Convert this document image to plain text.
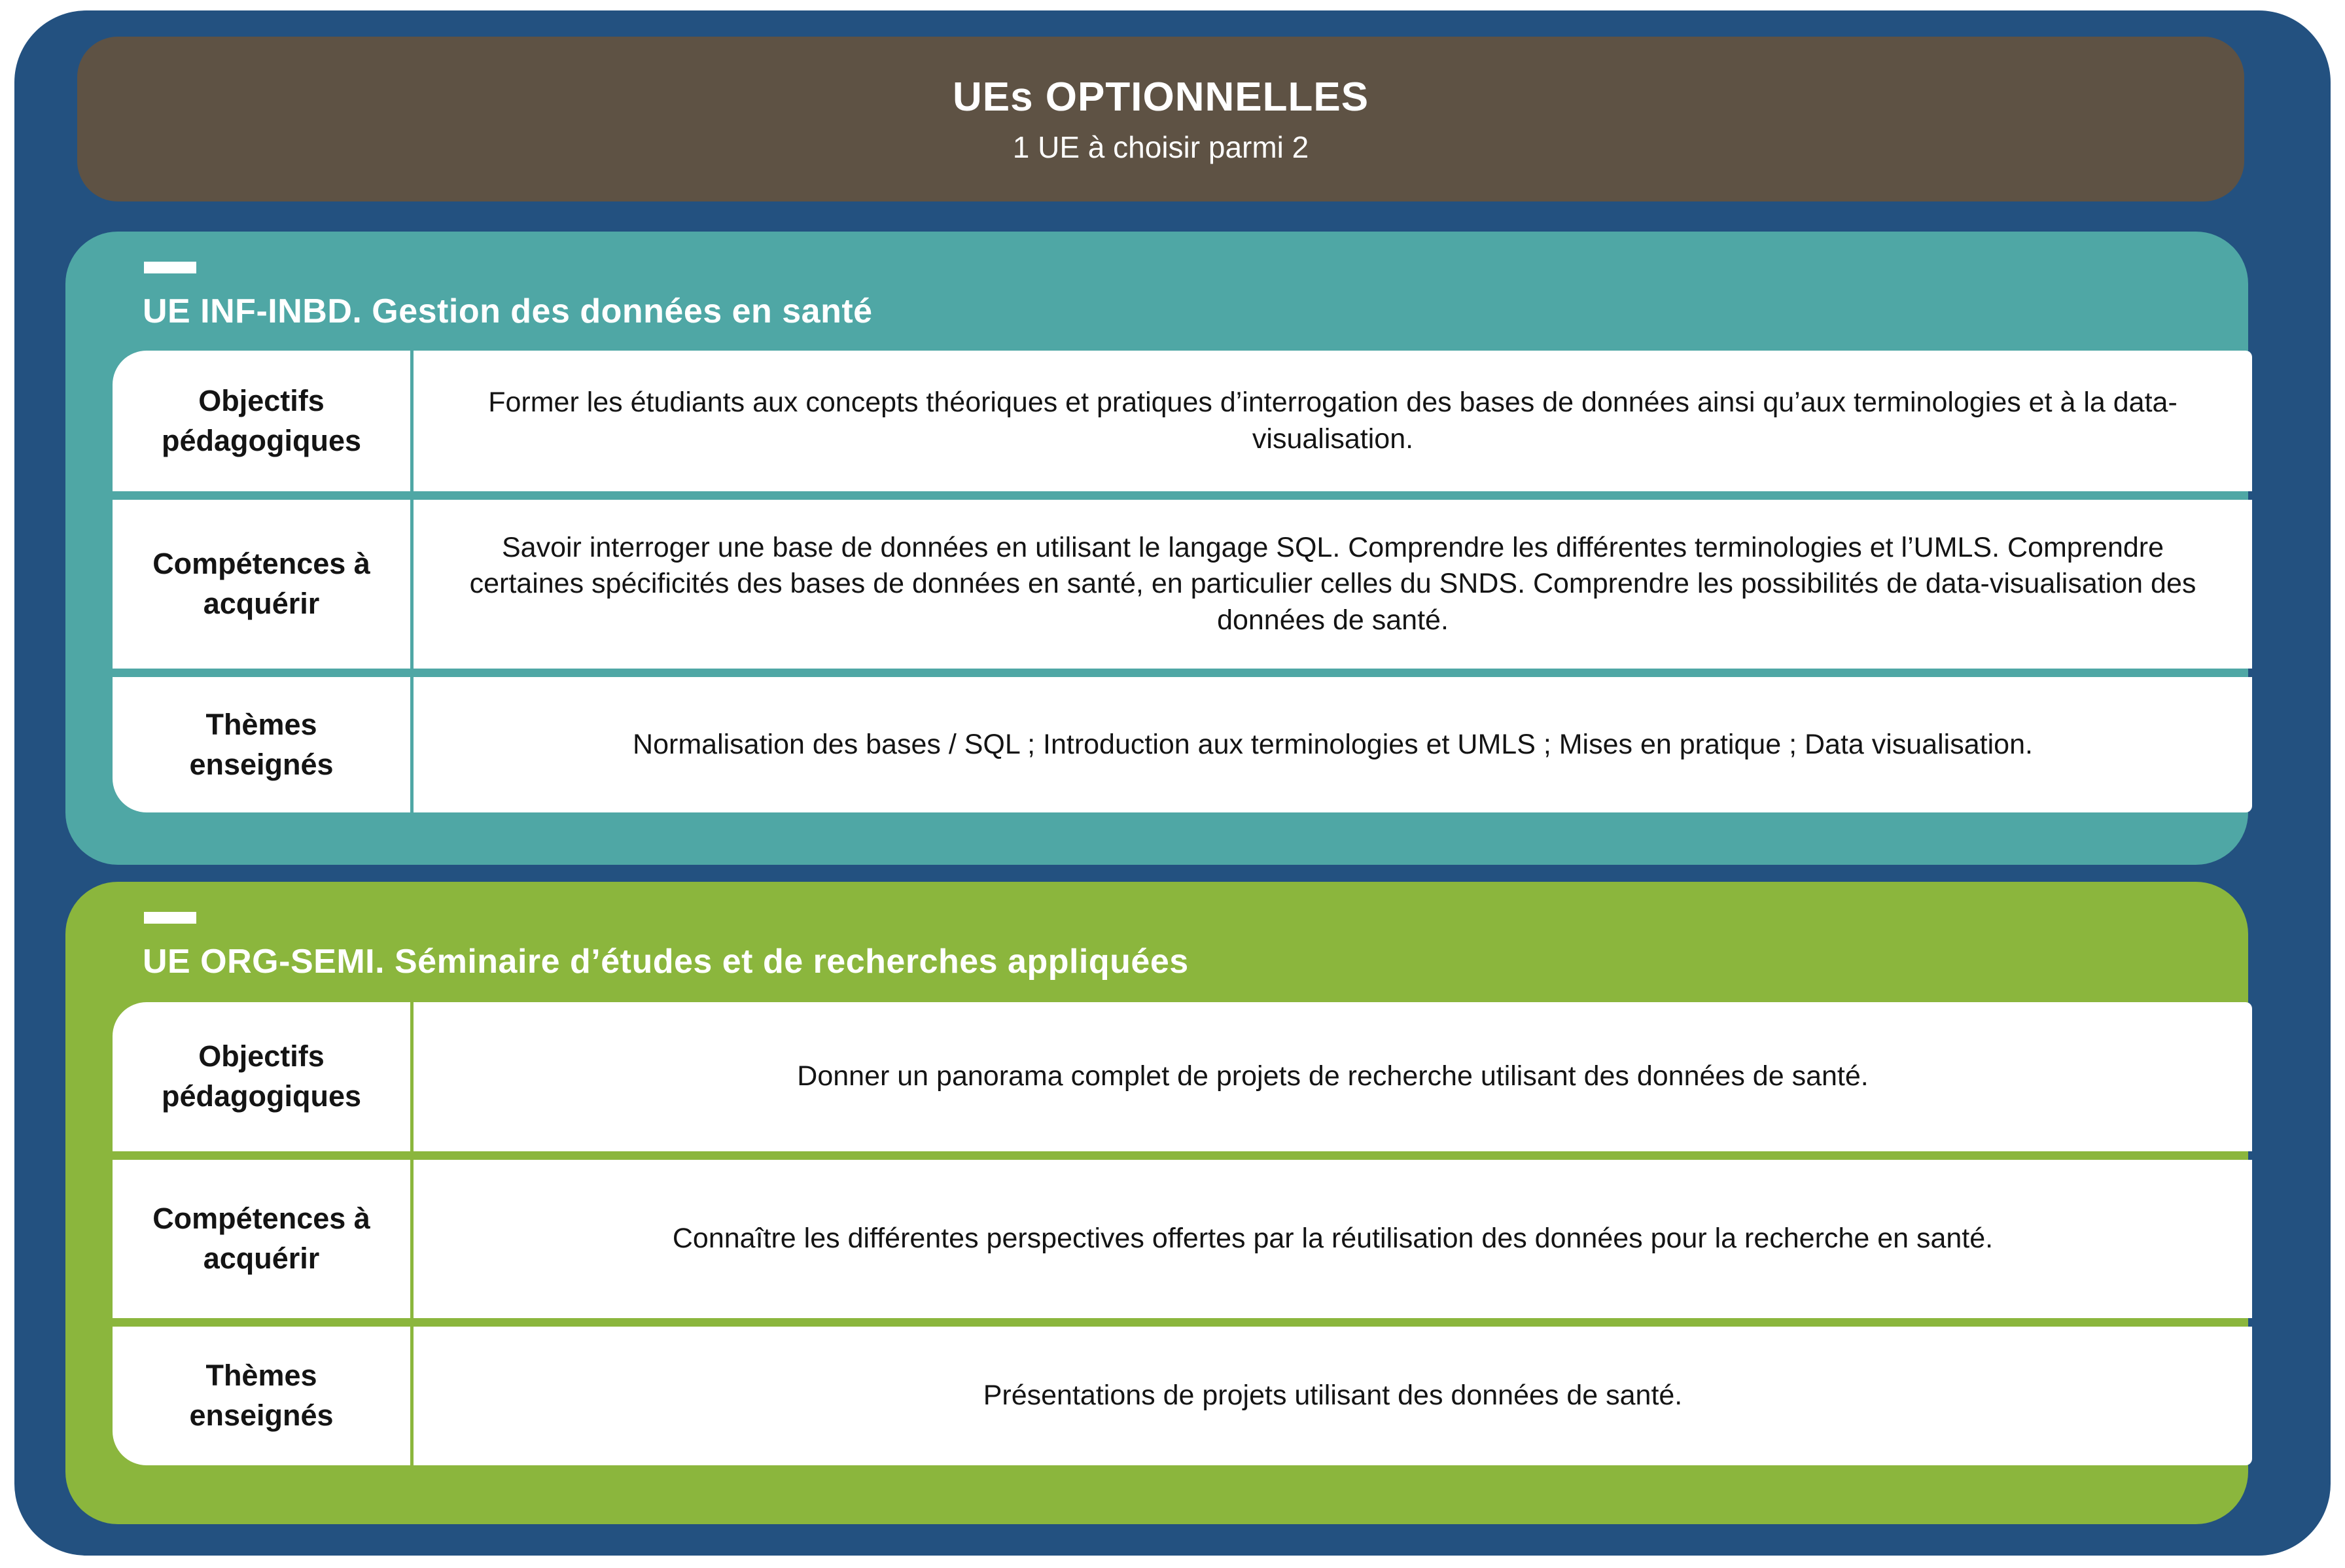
UEs OPTIONNELLES
1 UE à choisir parmi 2
UE INF-INBD. Gestion des données en santé
Objectifs pédagogiques
Former les étudiants aux concepts théoriques et pratiques d’interrogation des bases de données ainsi qu’aux terminologies et à la data-visualisation.
Compétences à acquérir
Savoir interroger une base de données en utilisant le langage SQL. Comprendre les différentes terminologies et l’UMLS. Comprendre certaines spécificités des bases de données en santé, en particulier celles du SNDS. Comprendre les possibilités de data-visualisation des données de santé.
Thèmes enseignés
Normalisation des bases / SQL ; Introduction aux terminologies et UMLS ; Mises en pratique ; Data visualisation.
UE ORG-SEMI. Séminaire d’études et de recherches appliquées
Objectifs pédagogiques
Donner un panorama complet de projets de recherche utilisant des données de santé.
Compétences à acquérir
Connaître les différentes perspectives offertes par la réutilisation des données pour la recherche en santé.
Thèmes enseignés
Présentations de projets utilisant des données de santé.
